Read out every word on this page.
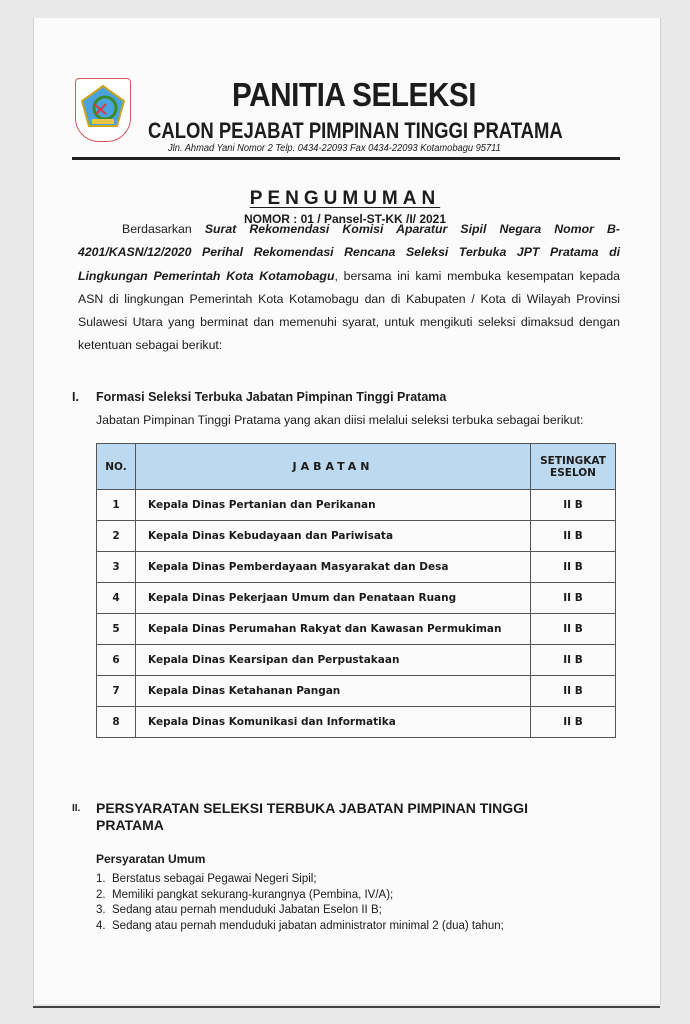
PANITIA SELEKSI
CALON PEJABAT PIMPINAN TINGGI PRATAMA
Jln. Ahmad Yani Nomor 2 Telp. 0434-22093 Fax 0434-22093 Kotamobagu 95711
PENGUMUMAN
NOMOR : 01 / Pansel-ST-KK /I/ 2021
Berdasarkan Surat Rekomendasi Komisi Aparatur Sipil Negara Nomor B-4201/KASN/12/2020 Perihal Rekomendasi Rencana Seleksi Terbuka JPT Pratama di Lingkungan Pemerintah Kota Kotamobagu, bersama ini kami membuka kesempatan kepada ASN di lingkungan Pemerintah Kota Kotamobagu dan di Kabupaten / Kota di Wilayah Provinsi Sulawesi Utara yang berminat dan memenuhi syarat, untuk mengikuti seleksi dimaksud dengan ketentuan sebagai berikut:
I. Formasi Seleksi Terbuka Jabatan Pimpinan Tinggi Pratama
Jabatan Pimpinan Tinggi Pratama yang akan diisi melalui seleksi terbuka sebagai berikut:
NO.	JABATAN	SETINGKAT
ESELON
1	Kepala Dinas Pertanian dan Perikanan	II B
2	Kepala Dinas Kebudayaan dan Pariwisata	II B
3	Kepala Dinas Pemberdayaan Masyarakat dan Desa	II B
4	Kepala Dinas Pekerjaan Umum dan Penataan Ruang	II B
5	Kepala Dinas Perumahan Rakyat dan Kawasan Permukiman	II B
6	Kepala Dinas Kearsipan dan Perpustakaan	II B
7	Kepala Dinas Ketahanan Pangan	II B
8	Kepala Dinas Komunikasi dan Informatika	II B
II. PERSYARATAN SELEKSI TERBUKA JABATAN PIMPINAN TINGGI PRATAMA
Persyaratan Umum
1. Berstatus sebagai Pegawai Negeri Sipil;
2. Memiliki pangkat sekurang-kurangnya (Pembina, IV/A);
3. Sedang atau pernah menduduki Jabatan Eselon II B;
4. Sedang atau pernah menduduki jabatan administrator minimal 2 (dua) tahun;
